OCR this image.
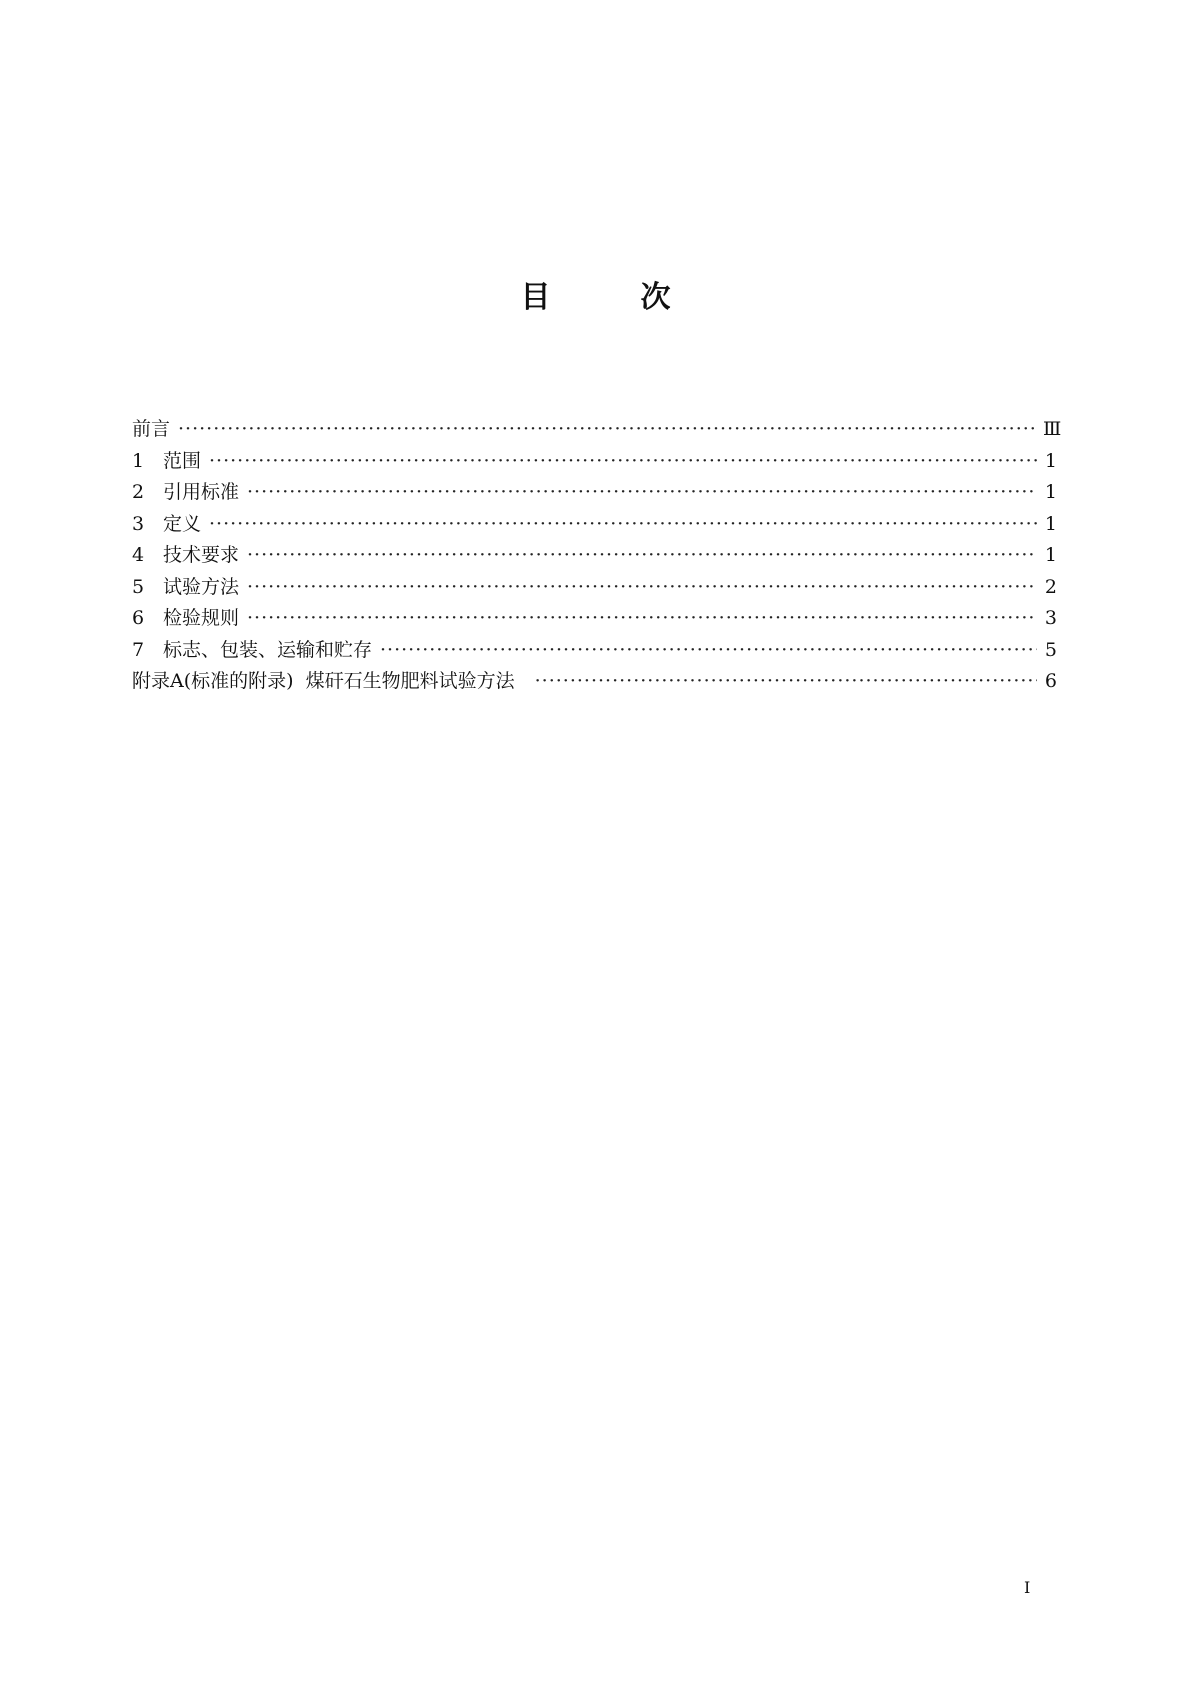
目	次
前言 ·····	Ⅲ
1 范围 ·····	1
2 引用标准 ·····	1
3 定义 ·····	1
4 技术要求 ·····	1
5 试验方法 ·····	2
6 检验规则 ·····	3
7 标志、包装、运输和贮存 ·····	5
附录A(标准的附录)  煤矸石生物肥料试验方法 ·····	6
I
